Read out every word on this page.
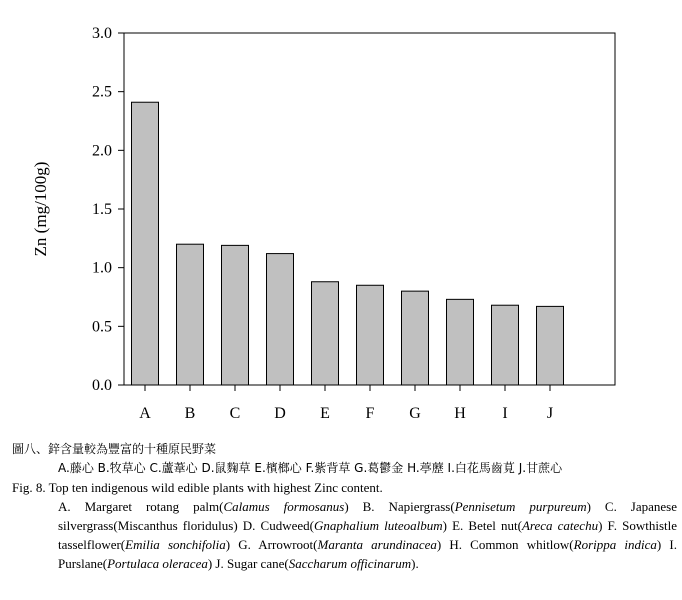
0.0
0.5
1.0
1.5
2.0
2.5
3.0
A B C D E F G H I J
Zn (mg/100g)

圖八、鋅含量較為豐富的十種原民野菜

A.藤心 B.牧草心 C.蘆葦心 D.鼠麴草 E.檳榔心 F.紫背草 G.葛鬱金 H.葶藶 I.白花馬齒莧 J.甘蔗心

Fig. 8. Top ten indigenous wild edible plants with highest Zinc content.

A. Margaret rotang palm(Calamus formosanus) B. Napiergrass(Pennisetum purpureum) C. Japanese silvergrass(Miscanthus floridulus) D. Cudweed(Gnaphalium luteoalbum) E. Betel nut(Areca catechu) F. Sowthistle tasselflower(Emilia sonchifolia) G. Arrowroot(Maranta arundinacea) H. Common whitlow(Rorippa indica) I. Purslane(Portulaca oleracea) J. Sugar cane(Saccharum officinarum).
